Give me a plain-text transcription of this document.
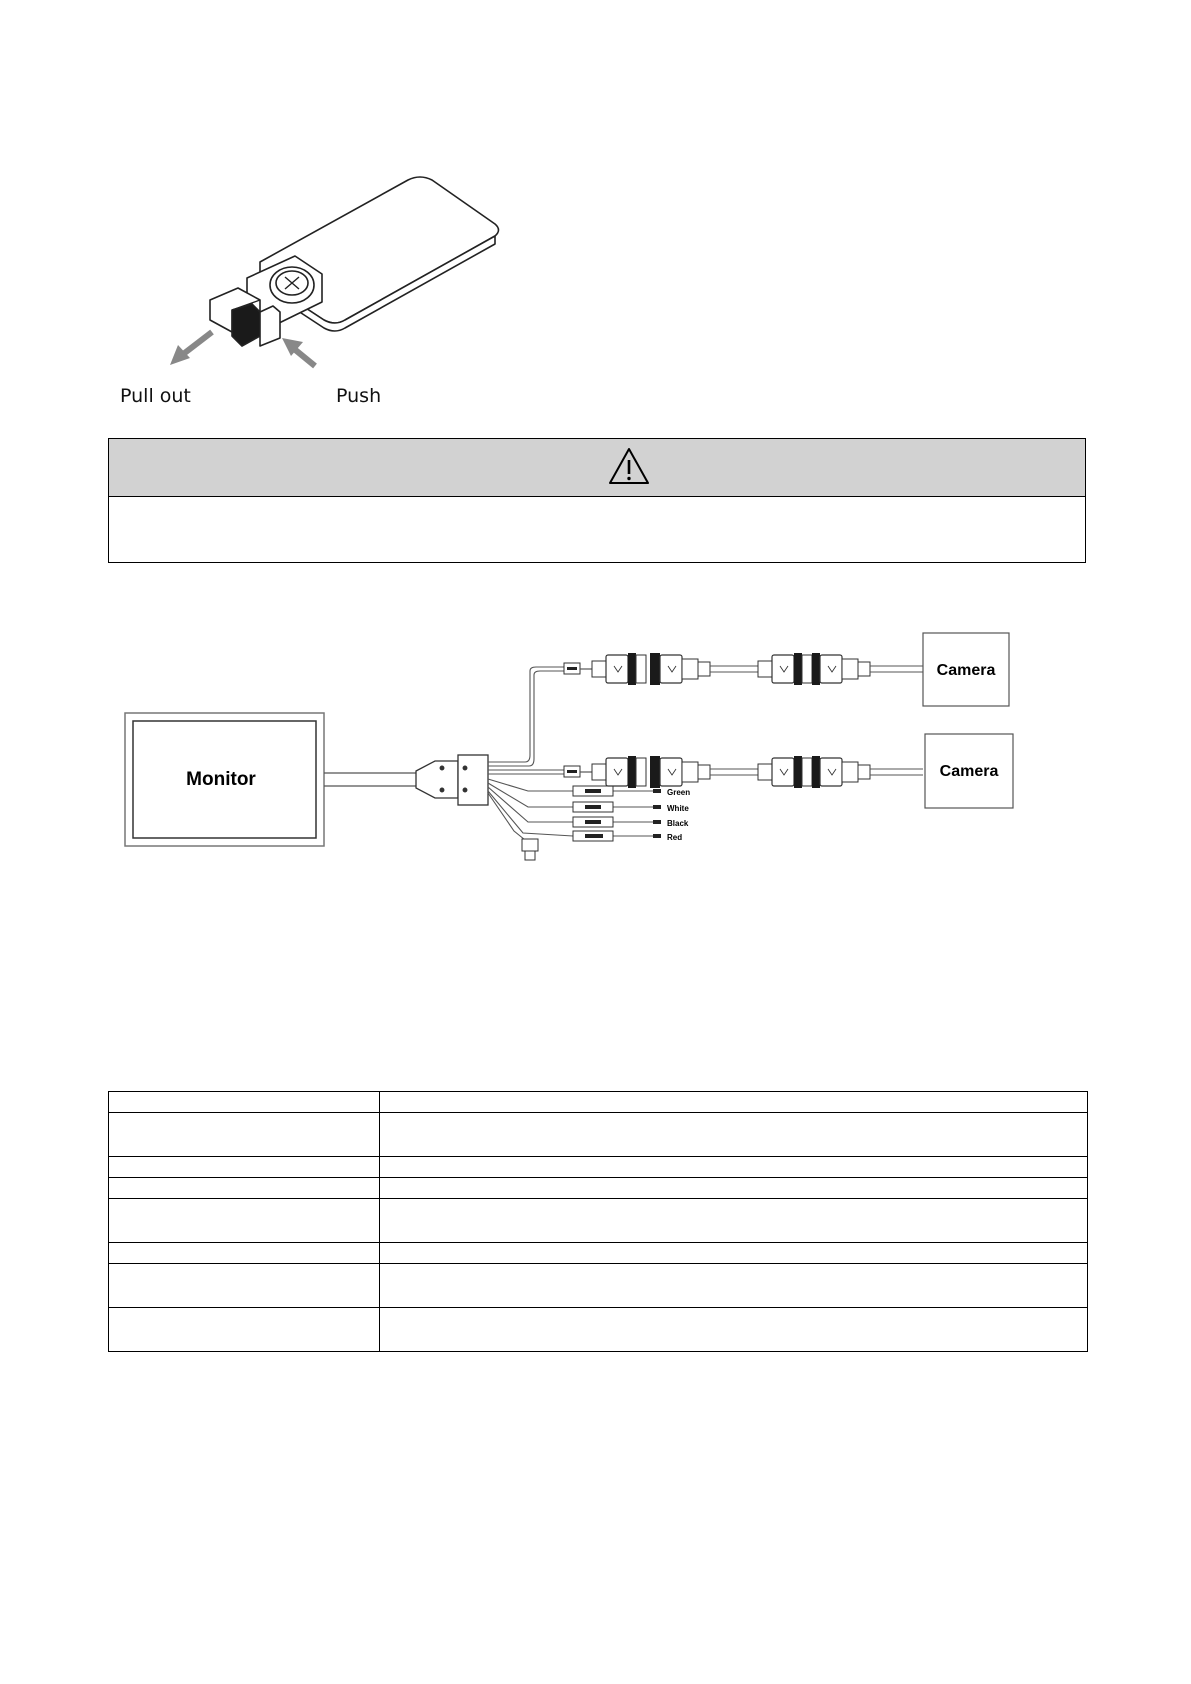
Pull out	Push
Monitor
Green
White
Black
Red
Camera
Camera
